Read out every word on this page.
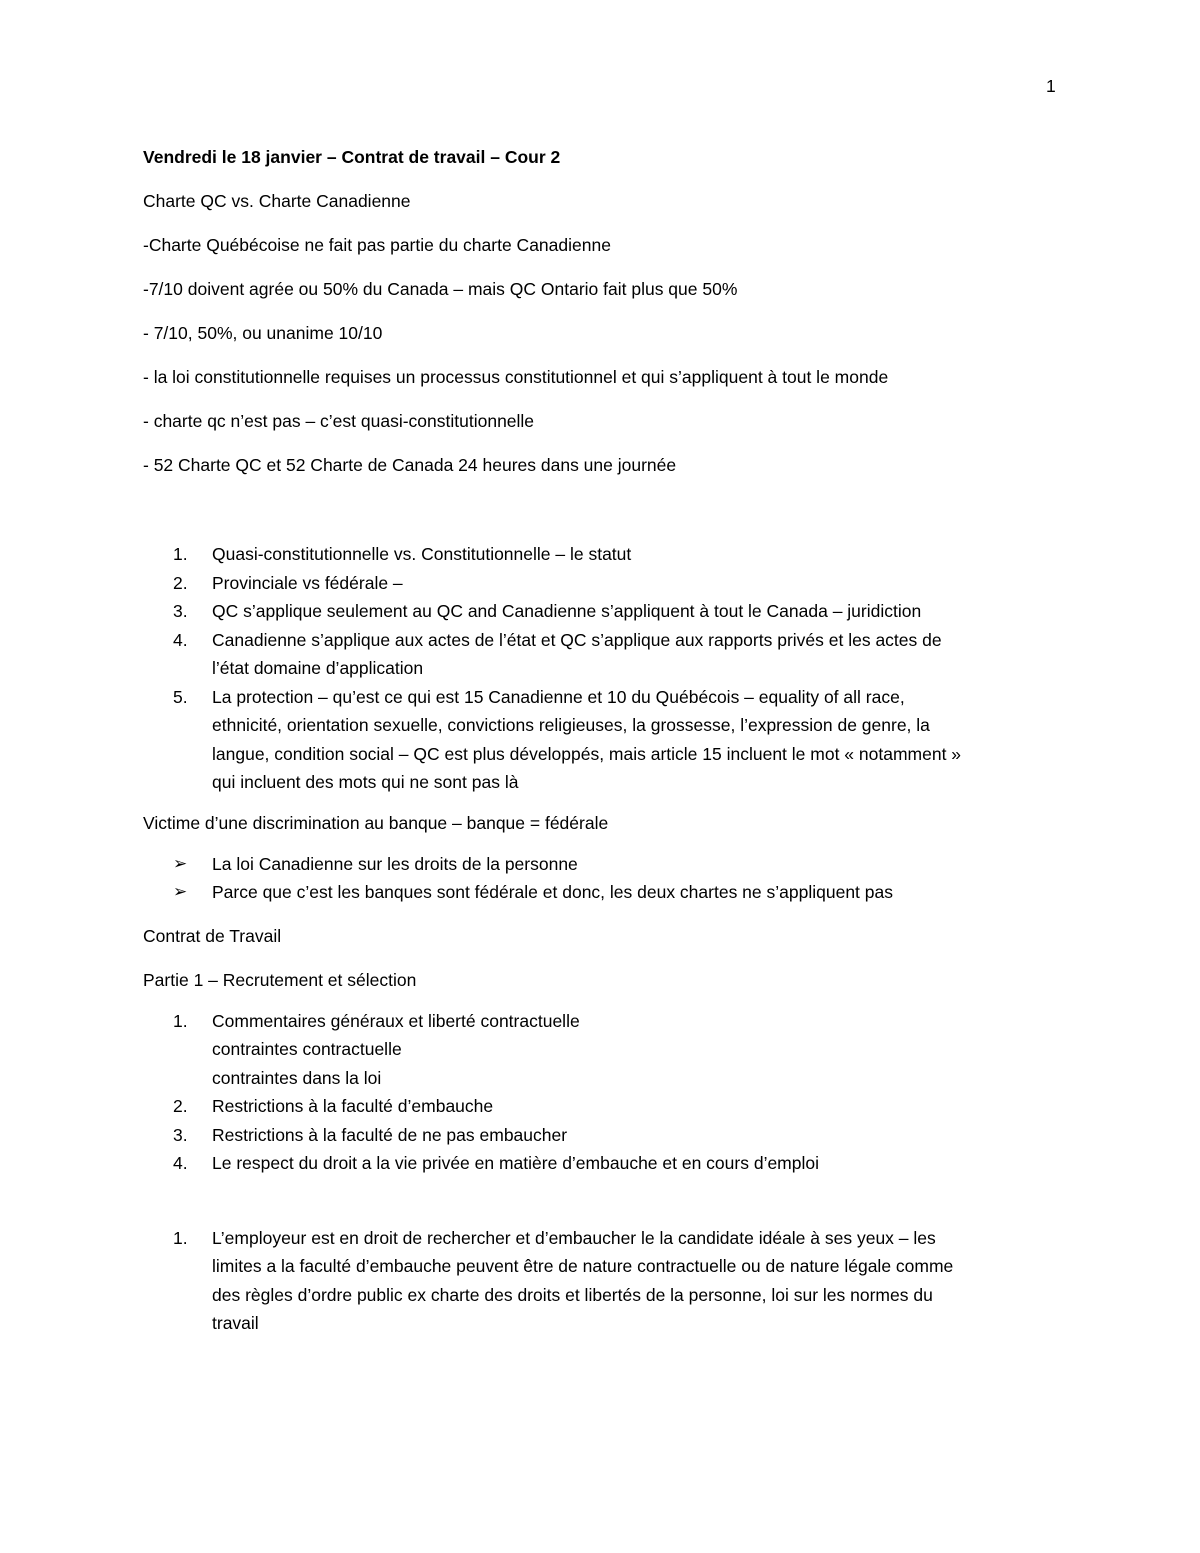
1

Vendredi le 18 janvier – Contrat de travail – Cour 2

Charte QC vs. Charte Canadienne

-Charte Québécoise ne fait pas partie du charte Canadienne

-7/10 doivent agrée ou 50% du Canada – mais QC Ontario fait plus que 50%

- 7/10, 50%, ou unanime 10/10

- la loi constitutionnelle requises un processus constitutionnel et qui s’appliquent à tout le monde

- charte qc n’est pas – c’est quasi-constitutionnelle

- 52 Charte QC et 52 Charte de Canada 24 heures dans une journée

1. Quasi-constitutionnelle vs. Constitutionnelle – le statut
2. Provinciale vs fédérale –
3. QC s’applique seulement au QC and Canadienne s’appliquent à tout le Canada – juridiction
4. Canadienne s’applique aux actes de l’état et QC s’applique aux rapports privés et les actes de
l’état domaine d’application
5. La protection – qu’est ce qui est 15 Canadienne et 10 du Québécois – equality of all race,
ethnicité, orientation sexuelle, convictions religieuses, la grossesse, l’expression de genre, la
langue, condition social – QC est plus développés, mais article 15 incluent le mot « notamment »
qui incluent des mots qui ne sont pas là

Victime d’une discrimination au banque – banque = fédérale

➢ La loi Canadienne sur les droits de la personne
➢ Parce que c’est les banques sont fédérale et donc, les deux chartes ne s’appliquent pas

Contrat de Travail

Partie 1 – Recrutement et sélection

1. Commentaires généraux et liberté contractuelle
contraintes contractuelle
contraintes dans la loi
2. Restrictions à la faculté d’embauche
3. Restrictions à la faculté de ne pas embaucher
4. Le respect du droit a la vie privée en matière d’embauche et en cours d’emploi
1. L’employeur est en droit de rechercher et d’embaucher le la candidate idéale à ses yeux – les
limites a la faculté d’embauche peuvent être de nature contractuelle ou de nature légale comme
des règles d’ordre public ex charte des droits et libertés de la personne, loi sur les normes du
travail
